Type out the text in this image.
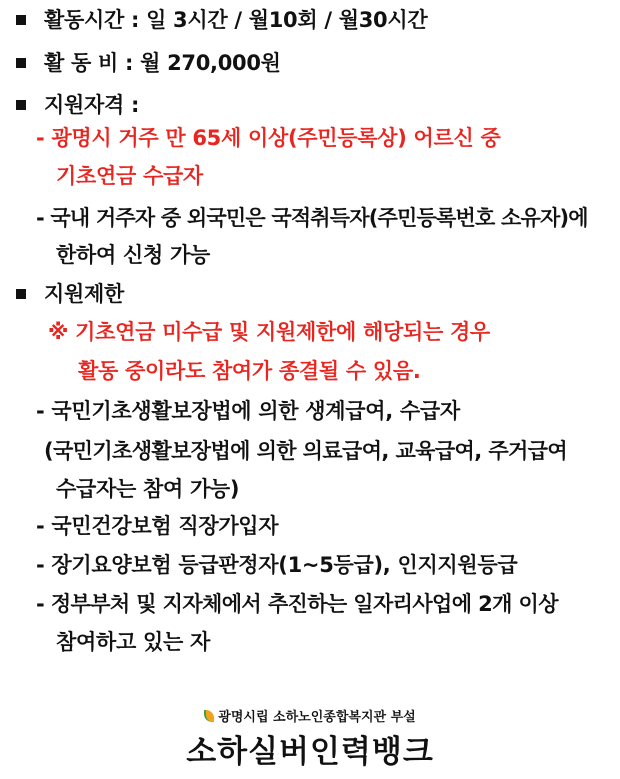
활동시간 : 일 3시간 / 월10회 / 월30시간
활 동 비 : 월 270,000원
지원자격 :
- 광명시 거주 만 65세 이상(주민등록상) 어르신 중
기초연금 수급자
- 국내 거주자 중 외국민은 국적취득자(주민등록번호 소유자)에
한하여 신청 가능
지원제한
※ 기초연금 미수급 및 지원제한에 해당되는 경우
활동 중이라도 참여가 종결될 수 있음.
- 국민기초생활보장법에 의한 생계급여, 수급자
(국민기초생활보장법에 의한 의료급여, 교육급여, 주거급여
수급자는 참여 가능)
- 국민건강보험 직장가입자
- 장기요양보험 등급판정자(1~5등급), 인지지원등급
- 정부부처 및 지자체에서 추진하는 일자리사업에 2개 이상
참여하고 있는 자
광명시립 소하노인종합복지관 부설
소하실버인력뱅크
